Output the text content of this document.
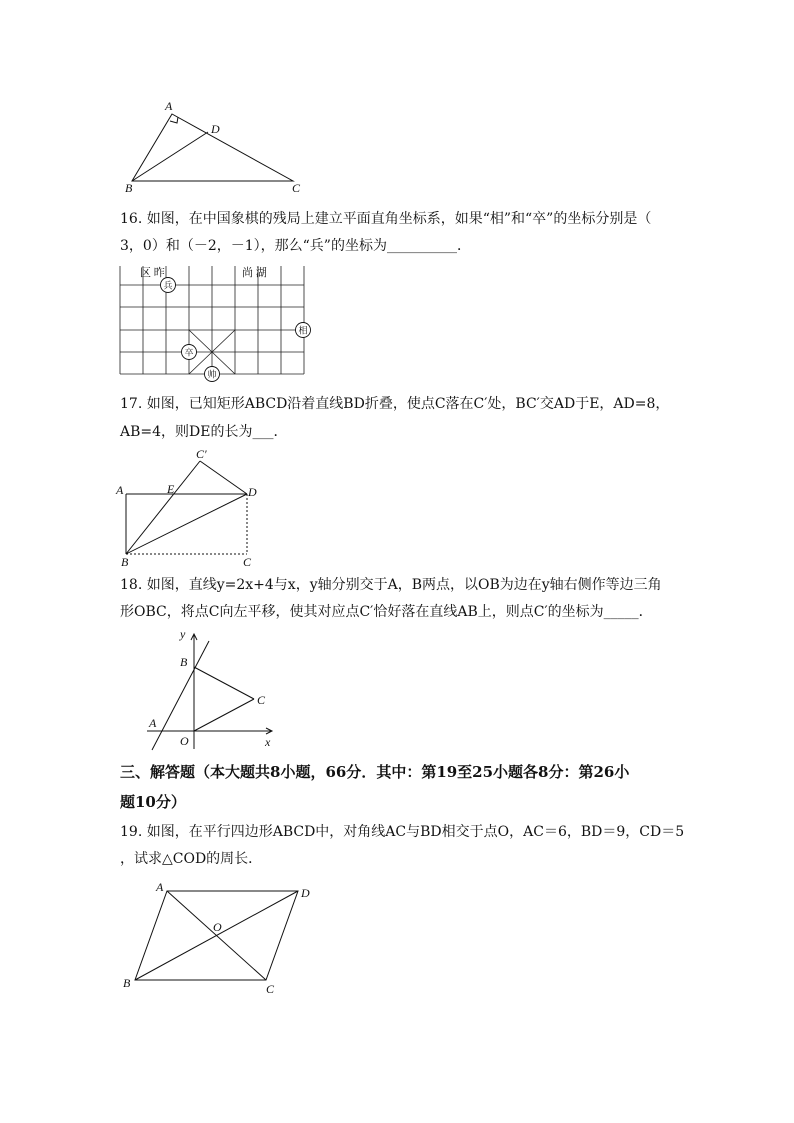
A
D
B	C
16. 如图，在中国象棋的残局上建立平面直角坐标系，如果“相”和“卒”的坐标分别是（
3，0）和（－2，－1），那么“兵”的坐标为__________．
区 昨	尚 湖
兵
相
卒
帅
17. 如图，已知矩形ABCD沿着直线BD折叠，使点C落在C′处，BC′交AD于E，AD=8，
AB=4，则DE的长为___．
C′
A	E	D
B	C
18. 如图，直线y=2x+4与x，y轴分别交于A，B两点，以OB为边在y轴右侧作等边三角
形OBC，将点C向左平移，使其对应点C′恰好落在直线AB上，则点C′的坐标为_____．
y
B
C
A
O	x
三、解答题（本大题共8小题，66分．其中：第19至25小题各8分：第26小
题10分）
19. 如图，在平行四边形ABCD中，对角线AC与BD相交于点O，AC＝6，BD＝9，CD＝5
，试求△COD的周长．
A	D
O
B	C
